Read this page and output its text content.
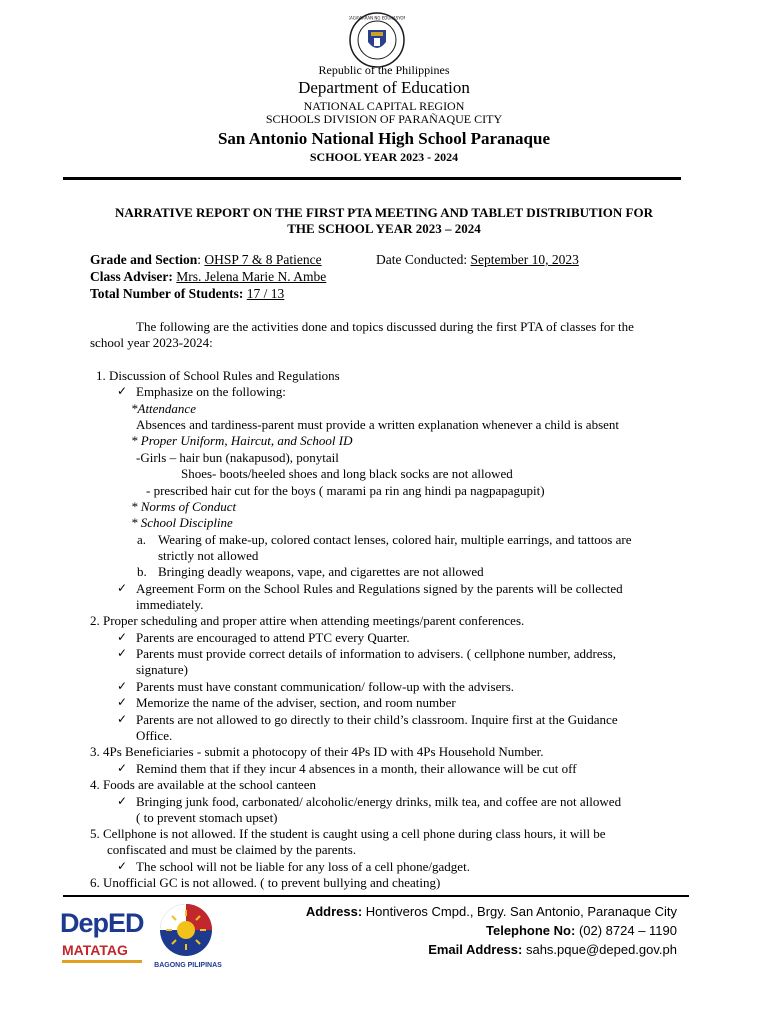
KAGAWARAN NG EDUKASYON
Republic of the Philippines
Department of Education
NATIONAL CAPITAL REGION
SCHOOLS DIVISION OF PARAÑAQUE CITY
San Antonio National High School Paranaque
SCHOOL YEAR 2023 - 2024
NARRATIVE REPORT ON THE FIRST PTA MEETING AND TABLET DISTRIBUTION FOR
THE SCHOOL YEAR 2023 – 2024
Grade and Section: OHSP 7 & 8 Patience	Date Conducted: September 10, 2023
Class Adviser: Mrs. Jelena Marie N. Ambe
Total Number of Students: 17 / 13
The following are the activities done and topics discussed during the first PTA of classes for the
school year 2023-2024:
1. Discussion of School Rules and Regulations
✓ Emphasize on the following:
*Attendance
Absences and tardiness-parent must provide a written explanation whenever a child is absent
* Proper Uniform, Haircut, and School ID
-Girls – hair bun (nakapusod), ponytail
Shoes- boots/heeled shoes and long black socks are not allowed
- prescribed hair cut for the boys ( marami pa rin ang hindi pa nagpapagupit)
* Norms of Conduct
* School Discipline
a. Wearing of make-up, colored contact lenses, colored hair, multiple earrings, and tattoos are
strictly not allowed
b. Bringing deadly weapons, vape, and cigarettes are not allowed
✓ Agreement Form on the School Rules and Regulations signed by the parents will be collected
immediately.
2. Proper scheduling and proper attire when attending meetings/parent conferences.
✓ Parents are encouraged to attend PTC every Quarter.
✓ Parents must provide correct details of information to advisers. ( cellphone number, address,
signature)
✓ Parents must have constant communication/ follow-up with the advisers.
✓ Memorize the name of the adviser, section, and room number
✓ Parents are not allowed to go directly to their child’s classroom. Inquire first at the Guidance
Office.
3. 4Ps Beneficiaries - submit a photocopy of their 4Ps ID with 4Ps Household Number.
✓ Remind them that if they incur 4 absences in a month, their allowance will be cut off
4. Foods are available at the school canteen
✓ Bringing junk food, carbonated/ alcoholic/energy drinks, milk tea, and coffee are not allowed
( to prevent stomach upset)
5. Cellphone is not allowed. If the student is caught using a cell phone during class hours, it will be
confiscated and must be claimed by the parents.
✓ The school will not be liable for any loss of a cell phone/gadget.
6. Unofficial GC is not allowed. ( to prevent bullying and cheating)
DepED
MATATAG
BAGONG PILIPINAS
Address: Hontiveros Cmpd., Brgy. San Antonio, Paranaque City
Telephone No: (02) 8724 – 1190
Email Address: sahs.pque@deped.gov.ph
